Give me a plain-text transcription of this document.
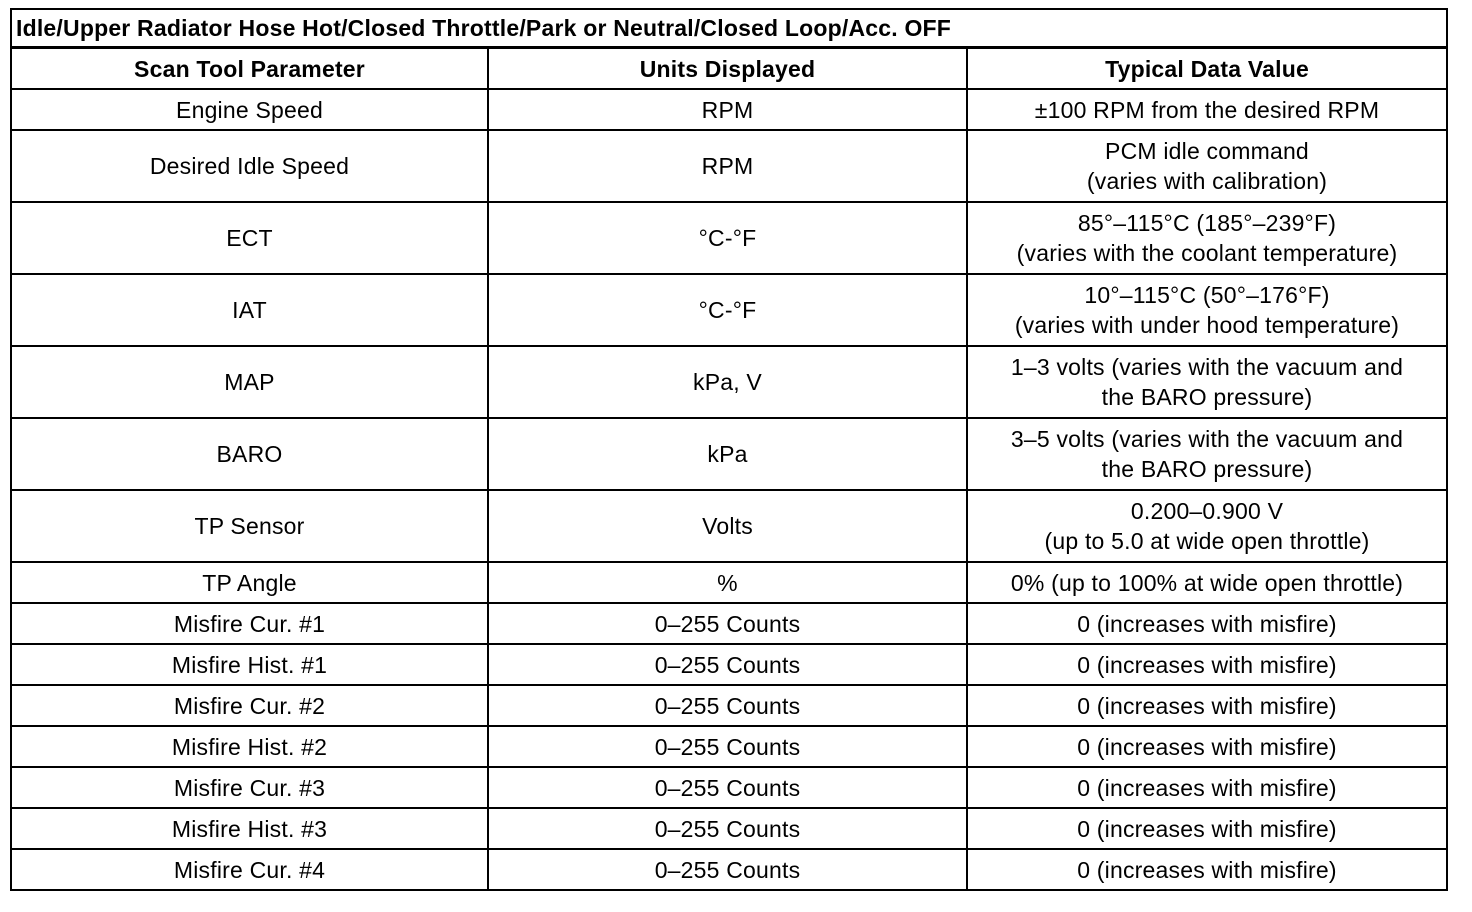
Idle/Upper Radiator Hose Hot/Closed Throttle/Park or Neutral/Closed Loop/Acc. OFF		
Scan Tool Parameter	Units Displayed	Typical Data Value
Engine Speed	RPM	±100 RPM from the desired RPM

Desired Idle Speed	RPM	PCM idle command
(varies with calibration)

ECT	°C-°F	85°–115°C (185°–239°F)
(varies with the coolant temperature)

IAT	°C-°F	10°–115°C (50°–176°F)
(varies with under hood temperature)

MAP	kPa, V	1–3 volts (varies with the vacuum and
the BARO pressure)

BARO	kPa	3–5 volts (varies with the vacuum and
the BARO pressure)

TP Sensor	Volts	0.200–0.900 V
(up to 5.0 at wide open throttle)

TP Angle	%	0% (up to 100% at wide open throttle)

Misfire Cur. #1	0–255 Counts	0 (increases with misfire)

Misfire Hist. #1	0–255 Counts	0 (increases with misfire)

Misfire Cur. #2	0–255 Counts	0 (increases with misfire)

Misfire Hist. #2	0–255 Counts	0 (increases with misfire)

Misfire Cur. #3	0–255 Counts	0 (increases with misfire)

Misfire Hist. #3	0–255 Counts	0 (increases with misfire)

Misfire Cur. #4	0–255 Counts	0 (increases with misfire)
